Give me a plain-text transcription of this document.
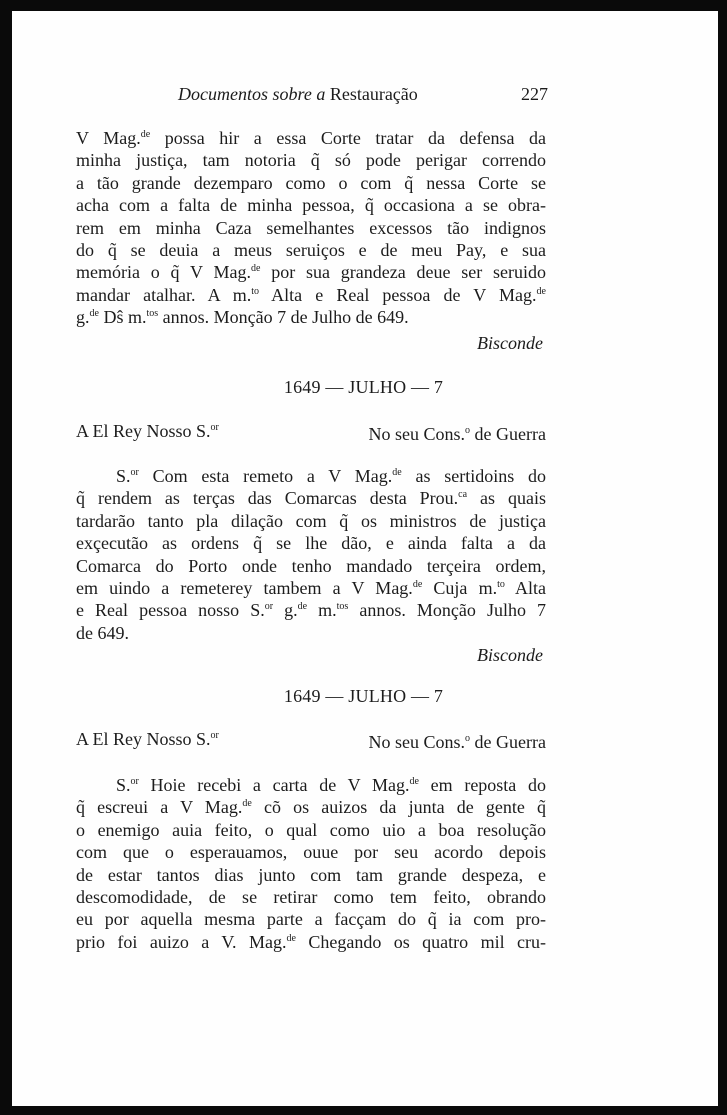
Documentos sobre a Restauração	227
V Mag.$^{de}$ possa hir a essa Corte tratar da defensa da
minha justiça, tam notoria q̃ só pode perigar correndo
a tão grande dezemparo como o com q̃ nessa Corte se
acha com a falta de minha pessoa, q̃ occasiona a se obra-
rem em minha Caza semelhantes excessos tão indignos
do q̃ se deuia a meus seruiços e de meu Pay, e sua
memória o q̃ V Mag.$^{de}$ por sua grandeza deue ser seruido
mandar atalhar. A m.$^{to}$ Alta e Real pessoa de V Mag.$^{de}$
g.$^{de}$ Dŝ m.$^{tos}$ annos. Monção 7 de Julho de 649.
Bisconde
1649 — JULHO — 7
A El Rey Nosso S.$^{or}$	No seu Cons.$^o$ de Guerra
S.$^{or}$ Com esta remeto a V Mag.$^{de}$ as sertidoins do
q̃ rendem as terças das Comarcas desta Prou.$^{ca}$ as quais
tardarão tanto pla dilação com q̃ os ministros de justiça
exçecutão as ordens q̃ se lhe dão, e ainda falta a da
Comarca do Porto onde tenho mandado terçeira ordem,
em uindo a remeterey tambem a V Mag.$^{de}$ Cuja m.$^{to}$ Alta
e Real pessoa nosso S.$^{or}$ g.$^{de}$ m.$^{tos}$ annos. Monção Julho 7
de 649.
Bisconde
1649 — JULHO — 7
A El Rey Nosso S.$^{or}$	No seu Cons.$^o$ de Guerra
S.$^{or}$ Hoie recebi a carta de V Mag.$^{de}$ em reposta do
q̃ escreui a V Mag.$^{de}$ cõ os auizos da junta de gente q̃
o enemigo auia feito, o qual como uio a boa resolução
com que o esperauamos, ouue por seu acordo depois
de estar tantos dias junto com tam grande despeza, e
descomodidade, de se retirar como tem feito, obrando
eu por aquella mesma parte a facçam do q̃ ia com pro-
prio foi auizo a V. Mag.$^{de}$ Chegando os quatro mil cru-
